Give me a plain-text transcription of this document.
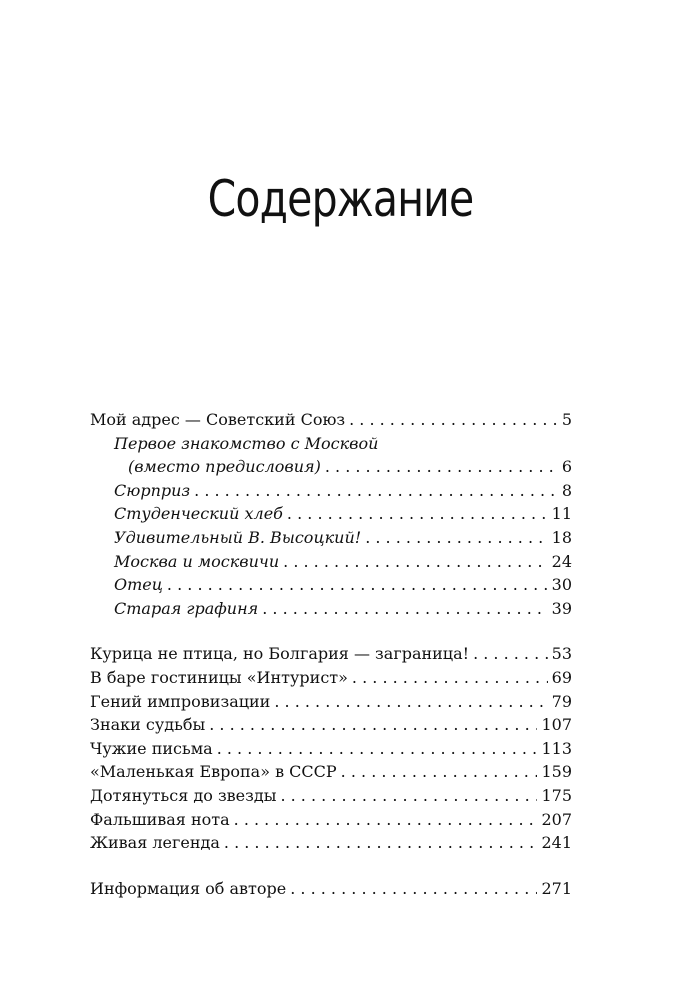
Содержание
Мой адрес — Советский Союз . . .	5
Первое знакомство с Москвой
(вместо предисловия) . . .	6
Сюрприз . . .	8
Студенческий хлеб . . .	11
Удивительный В. Высоцкий! . . .	18
Москва и москвичи . . .	24
Отец . . .	30
Старая графиня . . .	39
Курица не птица, но Болгария — заграница! . . .	53
В баре гостиницы «Интурист» . . .	69
Гений импровизации . . .	79
Знаки судьбы . . .	107
Чужие письма . . .	113
«Маленькая Европа» в СССР . . .	159
Дотянуться до звезды . . .	175
Фальшивая нота . . .	207
Живая легенда . . .	241
Информация об авторе . . .	271
